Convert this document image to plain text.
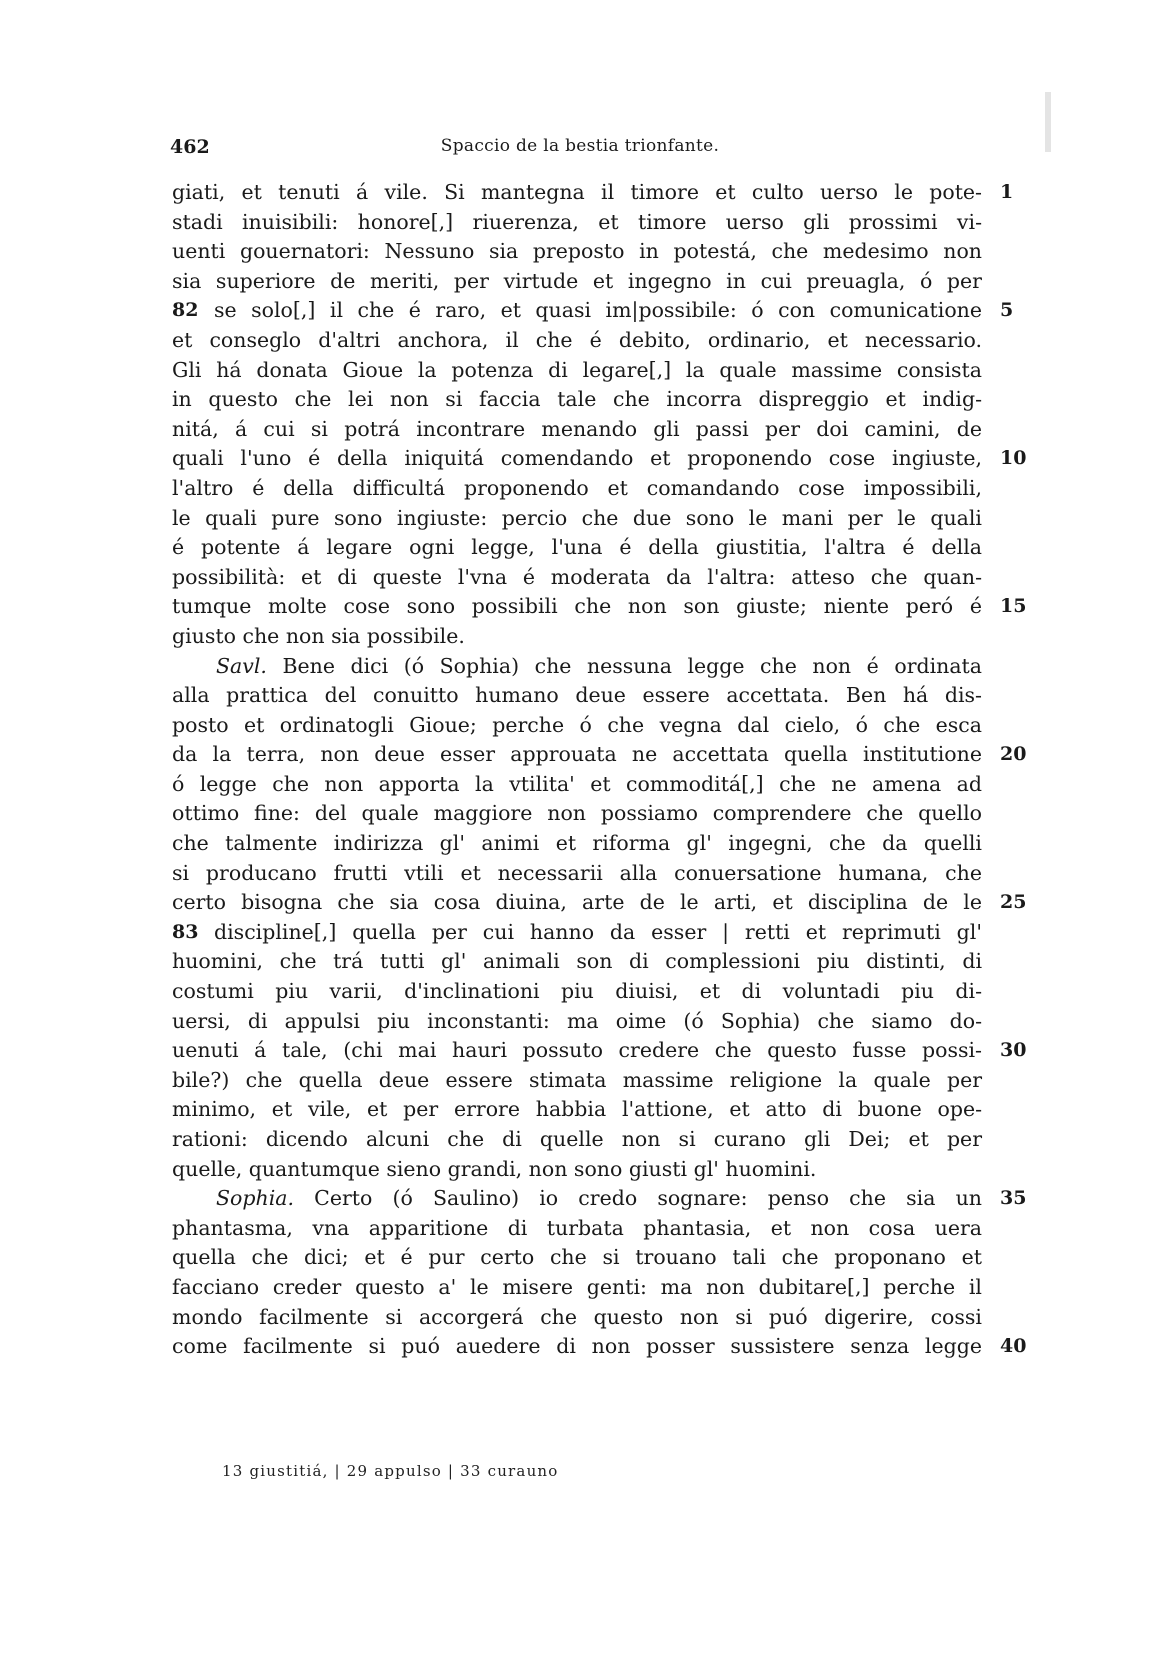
462	Spaccio de la bestia trionfante.
giati, et tenuti á vile. Si mantegna il timore et culto uerso le pote- 1
stadi inuisibili: honore[,] riuerenza, et timore uerso gli prossimi vi-
uenti gouernatori: Nessuno sia preposto in potestá, che medesimo non
sia superiore de meriti, per virtude et ingegno in cui preuagla, ó per
82 se solo[,] il che é raro, et quasi im|possibile: ó con comunicatione 5
et conseglo d'altri anchora, il che é debito, ordinario, et necessario.
Gli há donata Gioue la potenza di legare[,] la quale massime consista
in questo che lei non si faccia tale che incorra dispreggio et indig-
nitá, á cui si potrá incontrare menando gli passi per doi camini, de
quali l'uno é della iniquitá comendando et proponendo cose ingiuste, 10
l'altro é della difficultá proponendo et comandando cose impossibili,
le quali pure sono ingiuste: percio che due sono le mani per le quali
é potente á legare ogni legge, l'una é della giustitia, l'altra é della
possibilità: et di queste l'vna é moderata da l'altra: atteso che quan-
tumque molte cose sono possibili che non son giuste; niente peró é 15
giusto che non sia possibile.
Savl. Bene dici (ó Sophia) che nessuna legge che non é ordinata
alla prattica del conuitto humano deue essere accettata. Ben há dis-
posto et ordinatogli Gioue; perche ó che vegna dal cielo, ó che esca
da la terra, non deue esser approuata ne accettata quella institutione 20
ó legge che non apporta la vtilita' et commoditá[,] che ne amena ad
ottimo fine: del quale maggiore non possiamo comprendere che quello
che talmente indirizza gl' animi et riforma gl' ingegni, che da quelli
si producano frutti vtili et necessarii alla conuersatione humana, che
certo bisogna che sia cosa diuina, arte de le arti, et disciplina de le 25
83 disciplinе[,] quella per cui hanno da esser | retti et reprimuti gl'
huomini, che trá tutti gl' animali son di complessioni piu distinti, di
costumi piu varii, d'inclinationi piu diuisi, et di voluntadi piu di-
uersi, di appulsi piu inconstanti: ma oime (ó Sophia) che siamo do-
uenuti á tale, (chi mai hauri possuto credere che questo fusse possi- 30
bile?) che quella deue essere stimata massime religione la quale per
minimo, et vile, et per errore habbia l'attione, et atto di buone ope-
rationi: dicendo alcuni che di quelle non si curano gli Dei; et per
quelle, quantumque sieno grandi, non sono giusti gl' huomini.
Sophia. Certo (ó Saulino) io credo sognare: penso che sia un 35
phantasma, vna apparitione di turbata phantasia, et non cosa uera
quella che dici; et é pur certo che si trouano tali che proponano et
facciano creder questo a' le misere genti: ma non dubitare[,] perche il
mondo facilmente si accorgerá che questo non si puó digerire, cossi
come facilmente si puó auedere di non posser sussistere senza legge 40
13 giustitiá, | 29 appulso | 33 curauno
